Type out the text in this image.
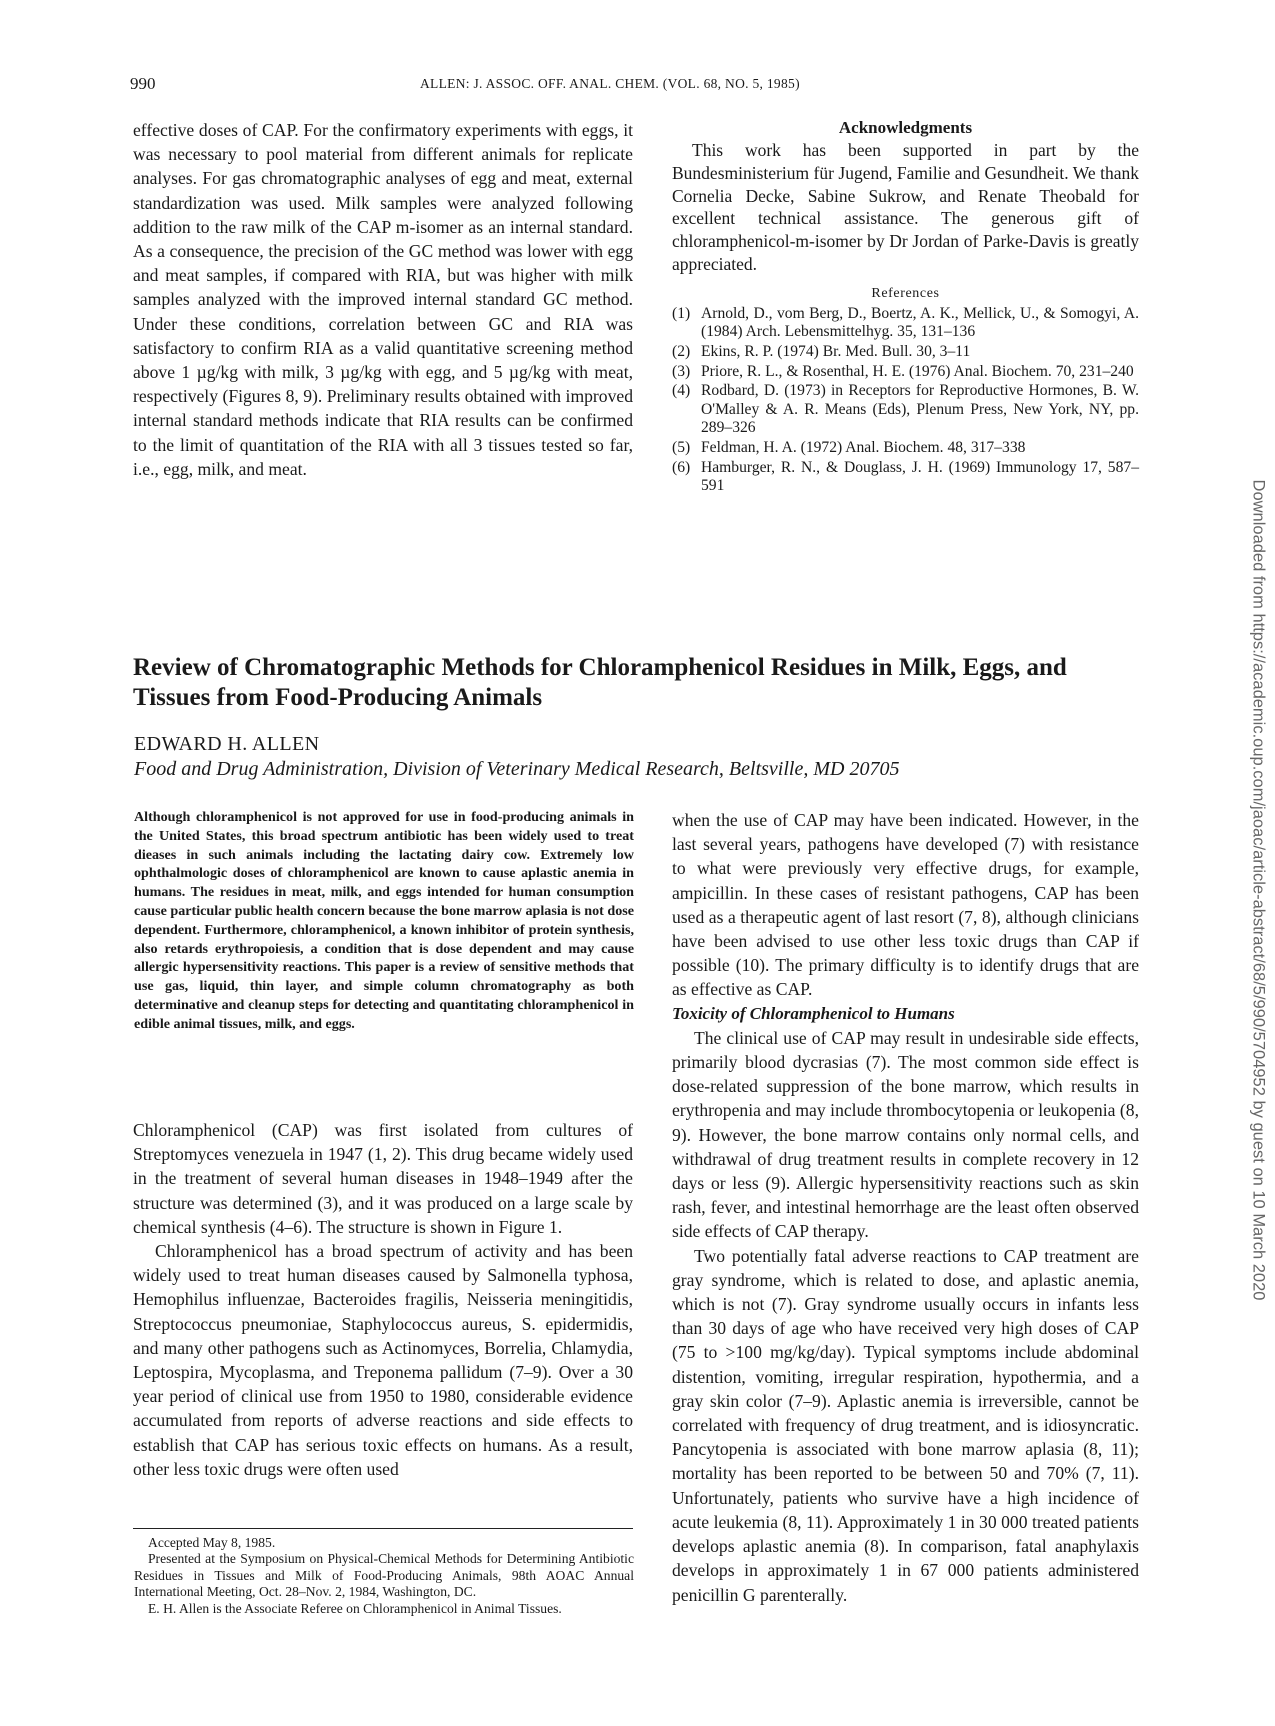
990	ALLEN: J. ASSOC. OFF. ANAL. CHEM. (VOL. 68, NO. 5, 1985)

effective doses of CAP. For the confirmatory experiments with eggs, it was necessary to pool material from different animals for replicate analyses. For gas chromatographic analyses of egg and meat, external standardization was used. Milk samples were analyzed following addition to the raw milk of the CAP m-isomer as an internal standard. As a consequence, the precision of the GC method was lower with egg and meat samples, if compared with RIA, but was higher with milk samples analyzed with the improved internal standard GC method. Under these conditions, correlation between GC and RIA was satisfactory to confirm RIA as a valid quantitative screening method above 1 µg/kg with milk, 3 µg/kg with egg, and 5 µg/kg with meat, respectively (Figures 8, 9). Preliminary results obtained with improved internal standard methods indicate that RIA results can be confirmed to the limit of quantitation of the RIA with all 3 tissues tested so far, i.e., egg, milk, and meat.

Acknowledgments

This work has been supported in part by the Bundesministerium für Jugend, Familie and Gesundheit. We thank Cornelia Decke, Sabine Sukrow, and Renate Theobald for excellent technical assistance. The generous gift of chloramphenicol-m-isomer by Dr Jordan of Parke-Davis is greatly appreciated.

References
(1) Arnold, D., vom Berg, D., Boertz, A. K., Mellick, U., & Somogyi, A. (1984) Arch. Lebensmittelhyg. 35, 131–136
(2) Ekins, R. P. (1974) Br. Med. Bull. 30, 3–11
(3) Priore, R. L., & Rosenthal, H. E. (1976) Anal. Biochem. 70, 231–240
(4) Rodbard, D. (1973) in Receptors for Reproductive Hormones, B. W. O'Malley & A. R. Means (Eds), Plenum Press, New York, NY, pp. 289–326
(5) Feldman, H. A. (1972) Anal. Biochem. 48, 317–338
(6) Hamburger, R. N., & Douglass, J. H. (1969) Immunology 17, 587–591
Review of Chromatographic Methods for Chloramphenicol Residues in Milk, Eggs, and Tissues from Food-Producing Animals
EDWARD H. ALLEN
Food and Drug Administration, Division of Veterinary Medical Research, Beltsville, MD 20705

Although chloramphenicol is not approved for use in food-producing animals in the United States, this broad spectrum antibiotic has been widely used to treat dieases in such animals including the lactating dairy cow. Extremely low ophthalmologic doses of chloramphenicol are known to cause aplastic anemia in humans. The residues in meat, milk, and eggs intended for human consumption cause particular public health concern because the bone marrow aplasia is not dose dependent. Furthermore, chloramphenicol, a known inhibitor of protein synthesis, also retards erythropoiesis, a condition that is dose dependent and may cause allergic hypersensitivity reactions. This paper is a review of sensitive methods that use gas, liquid, thin layer, and simple column chromatography as both determinative and cleanup steps for detecting and quantitating chloramphenicol in edible animal tissues, milk, and eggs.

Chloramphenicol (CAP) was first isolated from cultures of Streptomyces venezuela in 1947 (1, 2). This drug became widely used in the treatment of several human diseases in 1948–1949 after the structure was determined (3), and it was produced on a large scale by chemical synthesis (4–6). The structure is shown in Figure 1.

Chloramphenicol has a broad spectrum of activity and has been widely used to treat human diseases caused by Salmonella typhosa, Hemophilus influenzae, Bacteroides fragilis, Neisseria meningitidis, Streptococcus pneumoniae, Staphylococcus aureus, S. epidermidis, and many other pathogens such as Actinomyces, Borrelia, Chlamydia, Leptospira, Mycoplasma, and Treponema pallidum (7–9). Over a 30 year period of clinical use from 1950 to 1980, considerable evidence accumulated from reports of adverse reactions and side effects to establish that CAP has serious toxic effects on humans. As a result, other less toxic drugs were often used

when the use of CAP may have been indicated. However, in the last several years, pathogens have developed (7) with resistance to what were previously very effective drugs, for example, ampicillin. In these cases of resistant pathogens, CAP has been used as a therapeutic agent of last resort (7, 8), although clinicians have been advised to use other less toxic drugs than CAP if possible (10). The primary difficulty is to identify drugs that are as effective as CAP.

Toxicity of Chloramphenicol to Humans

The clinical use of CAP may result in undesirable side effects, primarily blood dycrasias (7). The most common side effect is dose-related suppression of the bone marrow, which results in erythropenia and may include thrombocytopenia or leukopenia (8, 9). However, the bone marrow contains only normal cells, and withdrawal of drug treatment results in complete recovery in 12 days or less (9). Allergic hypersensitivity reactions such as skin rash, fever, and intestinal hemorrhage are the least often observed side effects of CAP therapy.

Two potentially fatal adverse reactions to CAP treatment are gray syndrome, which is related to dose, and aplastic anemia, which is not (7). Gray syndrome usually occurs in infants less than 30 days of age who have received very high doses of CAP (75 to >100 mg/kg/day). Typical symptoms include abdominal distention, vomiting, irregular respiration, hypothermia, and a gray skin color (7–9). Aplastic anemia is irreversible, cannot be correlated with frequency of drug treatment, and is idiosyncratic. Pancytopenia is associated with bone marrow aplasia (8, 11); mortality has been reported to be between 50 and 70% (7, 11). Unfortunately, patients who survive have a high incidence of acute leukemia (8, 11). Approximately 1 in 30 000 treated patients develops aplastic anemia (8). In comparison, fatal anaphylaxis develops in approximately 1 in 67 000 patients administered penicillin G parenterally.

Accepted May 8, 1985.

Presented at the Symposium on Physical-Chemical Methods for Determining Antibiotic Residues in Tissues and Milk of Food-Producing Animals, 98th AOAC Annual International Meeting, Oct. 28–Nov. 2, 1984, Washington, DC.

E. H. Allen is the Associate Referee on Chloramphenicol in Animal Tissues.

Downloaded from https://academic.oup.com/jaoac/article-abstract/68/5/990/5704952 by guest on 10 March 2020
